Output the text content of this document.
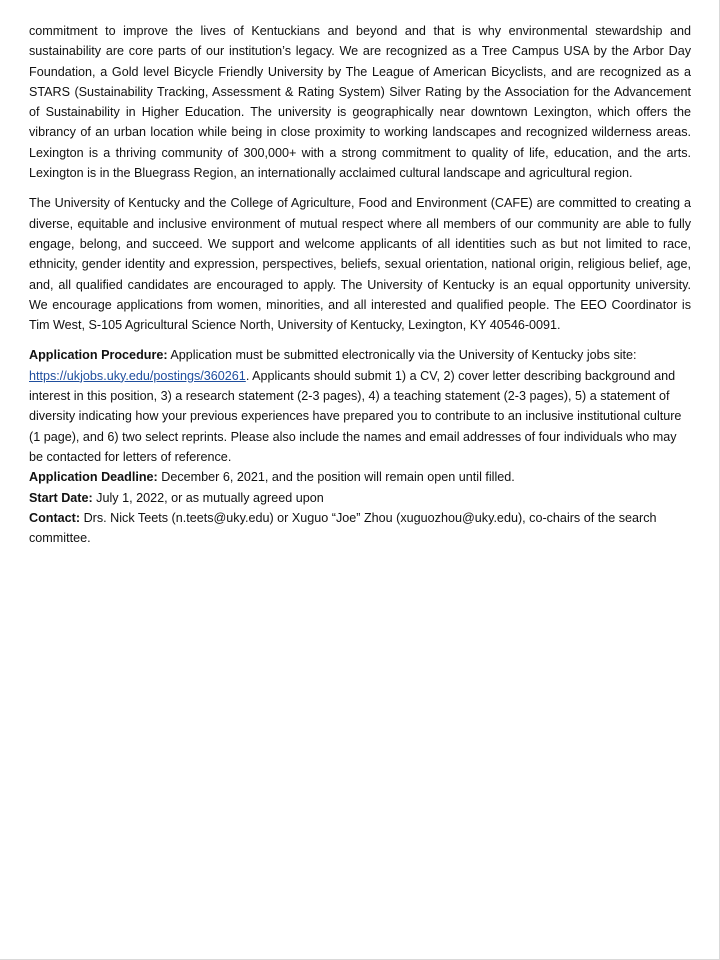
commitment to improve the lives of Kentuckians and beyond and that is why environmental stewardship and sustainability are core parts of our institution’s legacy. We are recognized as a Tree Campus USA by the Arbor Day Foundation, a Gold level Bicycle Friendly University by The League of American Bicyclists, and are recognized as a STARS (Sustainability Tracking, Assessment & Rating System) Silver Rating by the Association for the Advancement of Sustainability in Higher Education. The university is geographically near downtown Lexington, which offers the vibrancy of an urban location while being in close proximity to working landscapes and recognized wilderness areas. Lexington is a thriving community of 300,000+ with a strong commitment to quality of life, education, and the arts. Lexington is in the Bluegrass Region, an internationally acclaimed cultural landscape and agricultural region.

The University of Kentucky and the College of Agriculture, Food and Environment (CAFE) are committed to creating a diverse, equitable and inclusive environment of mutual respect where all members of our community are able to fully engage, belong, and succeed. We support and welcome applicants of all identities such as but not limited to race, ethnicity, gender identity and expression, perspectives, beliefs, sexual orientation, national origin, religious belief, age, and, all qualified candidates are encouraged to apply. The University of Kentucky is an equal opportunity university. We encourage applications from women, minorities, and all interested and qualified people. The EEO Coordinator is Tim West, S-105 Agricultural Science North, University of Kentucky, Lexington, KY 40546-0091.

Application Procedure: Application must be submitted electronically via the University of Kentucky jobs site: https://ukjobs.uky.edu/postings/360261. Applicants should submit 1) a CV, 2) cover letter describing background and interest in this position, 3) a research statement (2-3 pages), 4) a teaching statement (2-3 pages), 5) a statement of diversity indicating how your previous experiences have prepared you to contribute to an inclusive institutional culture (1 page), and 6) two select reprints. Please also include the names and email addresses of four individuals who may be contacted for letters of reference.

Application Deadline: December 6, 2021, and the position will remain open until filled.

Start Date: July 1, 2022, or as mutually agreed upon

Contact: Drs. Nick Teets (n.teets@uky.edu) or Xuguo “Joe” Zhou (xuguozhou@uky.edu), co-chairs of the search committee.
